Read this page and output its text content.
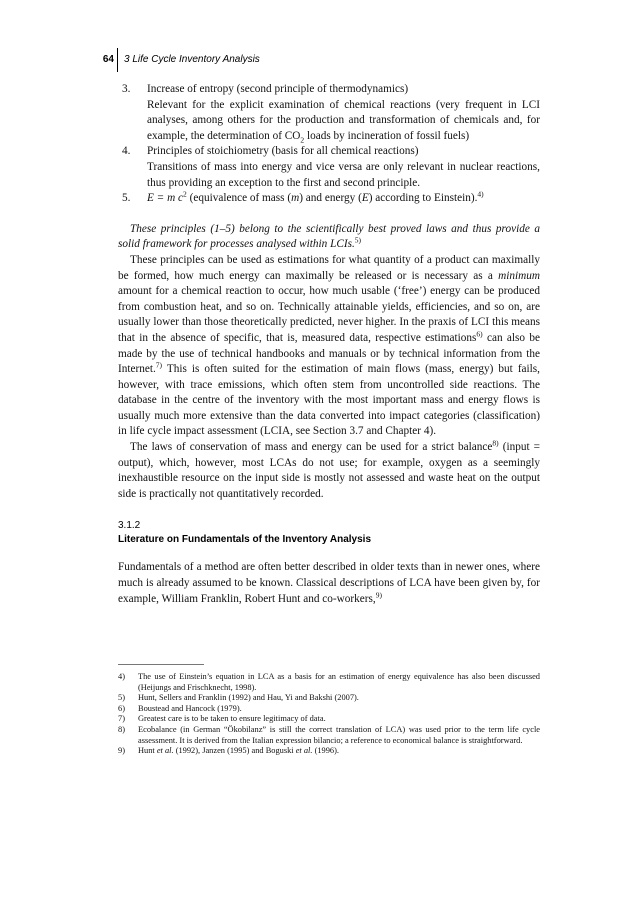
64 3 Life Cycle Inventory Analysis
3. Increase of entropy (second principle of thermodynamics)
Relevant for the explicit examination of chemical reactions (very frequent in LCI analyses, among others for the production and transformation of chemicals and, for example, the determination of $CO_2$ loads by incineration of fossil fuels)
4. Principles of stoichiometry (basis for all chemical reactions)
Transitions of mass into energy and vice versa are only relevant in nuclear reactions, thus providing an exception to the first and second principle.
5. E = m $c^2$ (equivalence of mass (m) and energy (E) according to Einstein).$^{4)}$

These principles (1–5) belong to the scientifically best proved laws and thus provide a solid framework for processes analysed within LCIs.$^{5)}$

These principles can be used as estimations for what quantity of a product can maximally be formed, how much energy can maximally be released or is necessary as a minimum amount for a chemical reaction to occur, how much usable (‘free’) energy can be produced from combustion heat, and so on. Technically attainable yields, efficiencies, and so on, are usually lower than those theoretically predicted, never higher. In the praxis of LCI this means that in the absence of specific, that is, measured data, respective estimations$^{6)}$ can also be made by the use of technical handbooks and manuals or by technical information from the Internet.$^{7)}$ This is often suited for the estimation of main flows (mass, energy) but fails, however, with trace emissions, which often stem from uncontrolled side reactions. The database in the centre of the inventory with the most important mass and energy flows is usually much more extensive than the data converted into impact categories (classification) in life cycle impact assessment (LCIA, see Section 3.7 and Chapter 4).

The laws of conservation of mass and energy can be used for a strict balance$^{8)}$ (input = output), which, however, most LCAs do not use; for example, oxygen as a seemingly inexhaustible resource on the input side is mostly not assessed and waste heat on the output side is practically not quantitatively recorded.

3.1.2
Literature on Fundamentals of the Inventory Analysis

Fundamentals of a method are often better described in older texts than in newer ones, where much is already assumed to be known. Classical descriptions of LCA have been given by, for example, William Franklin, Robert Hunt and co-workers,$^{9)}$

4) The use of Einstein’s equation in LCA as a basis for an estimation of energy equivalence has also been discussed (Heijungs and Frischknecht, 1998).
5) Hunt, Sellers and Franklin (1992) and Hau, Yi and Bakshi (2007).
6) Boustead and Hancock (1979).
7) Greatest care is to be taken to ensure legitimacy of data.
8) Ecobalance (in German “Ökobilanz” is still the correct translation of LCA) was used prior to the term life cycle assessment. It is derived from the Italian expression bilancio; a reference to economical balance is straightforward.
9) Hunt et al. (1992), Janzen (1995) and Boguski et al. (1996).
